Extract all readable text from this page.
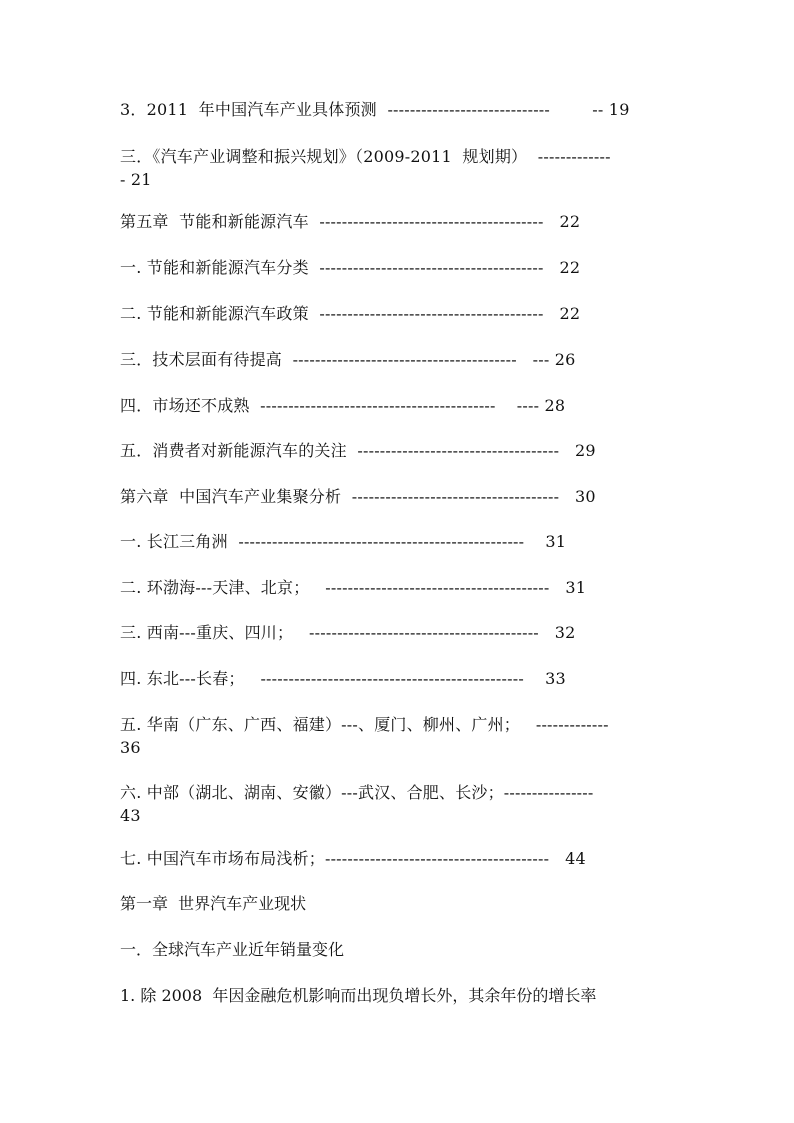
3．2011  年中国汽车产业具体预测  -----------------------------        -- 19
三．《汽车产业调整和振兴规划》（2009-2011  规划期）  -------------
- 21
第五章  节能和新能源汽车  ----------------------------------------   22
一. 节能和新能源汽车分类  ----------------------------------------   22
二. 节能和新能源汽车政策  ----------------------------------------   22
三．技术层面有待提高  ----------------------------------------   --- 26
四．市场还不成熟  ------------------------------------------    ---- 28
五．消费者对新能源汽车的关注  ------------------------------------   29
第六章  中国汽车产业集聚分析  -------------------------------------   30
一. 长江三角洲  ---------------------------------------------------    31
二. 环渤海---天津、北京；   ----------------------------------------   31
三. 西南---重庆、四川；   -----------------------------------------   32
四. 东北---长春；   -----------------------------------------------    33
五. 华南（广东、广西、福建）---、厦门、柳州、广州；   -------------
36
六. 中部（湖北、湖南、安徽）---武汉、合肥、长沙；----------------
43
七. 中国汽车市场布局浅析；----------------------------------------   44
第一章  世界汽车产业现状
一．全球汽车产业近年销量变化
1. 除 2008  年因金融危机影响而出现负增长外，其余年份的增长率
